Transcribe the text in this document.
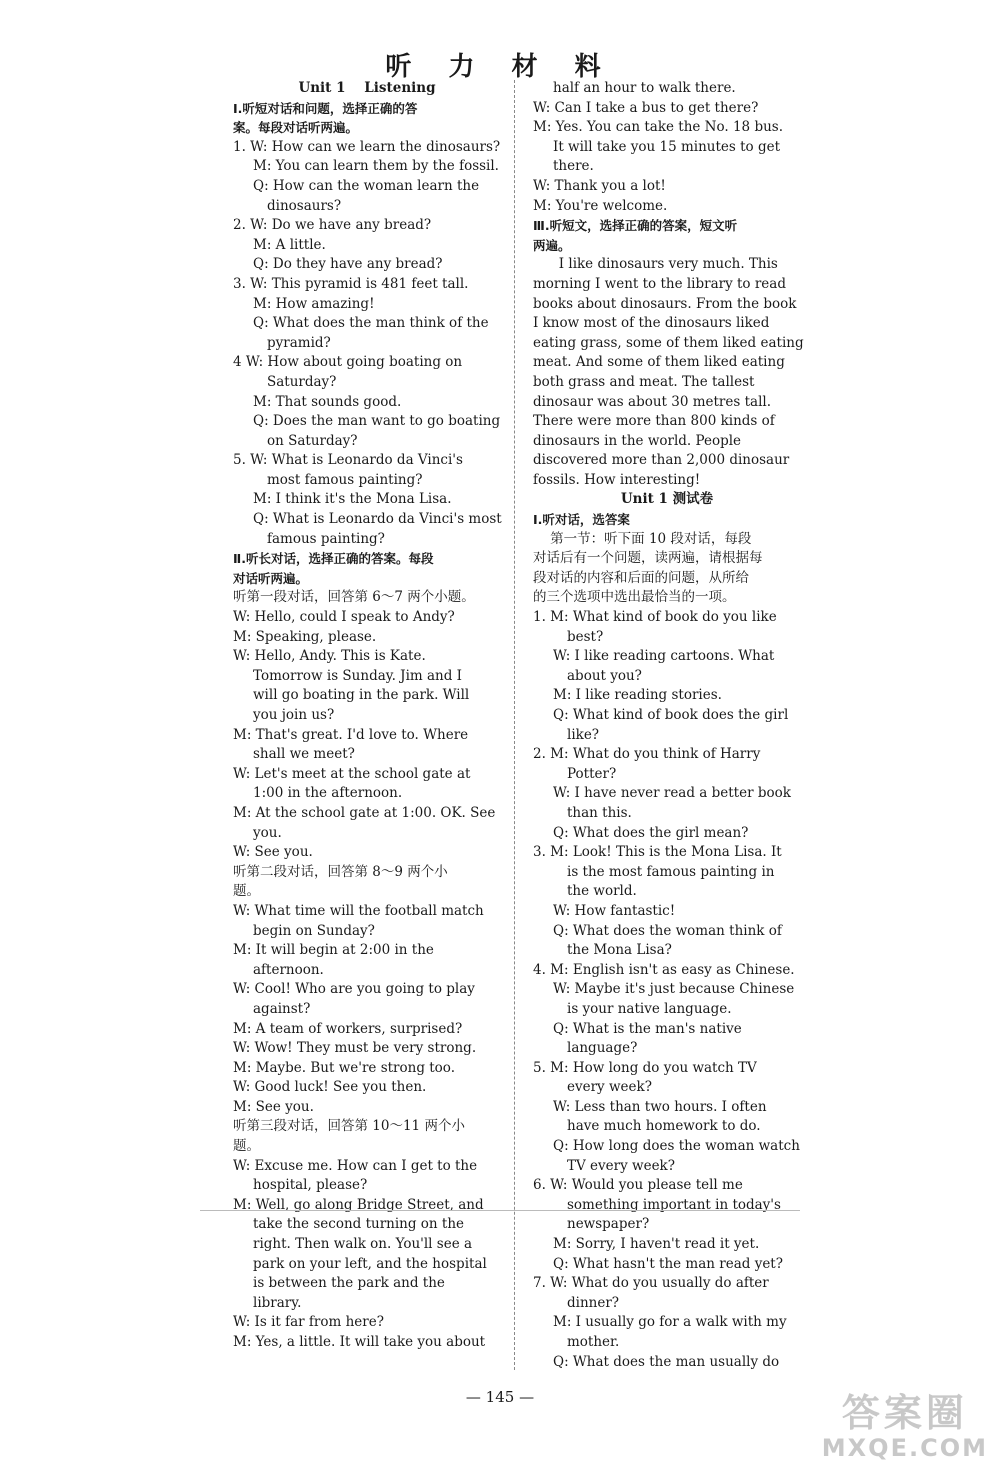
听 力 材 料
Unit 1    Listening
Ⅰ.听短对话和问题，选择正确的答
案。每段对话听两遍。
1. W: How can we learn the dinosaurs?
M: You can learn them by the fossil.
Q: How can the woman learn the
dinosaurs?
2. W: Do we have any bread?
M: A little.
Q: Do they have any bread?
3. W: This pyramid is 481 feet tall.
M: How amazing!
Q: What does the man think of the
pyramid?
4 W: How about going boating on
Saturday?
M: That sounds good.
Q: Does the man want to go boating
on Saturday?
5. W: What is Leonardo da Vinci's
most famous painting?
M: I think it's the Mona Lisa.
Q: What is Leonardo da Vinci's most
famous painting?
Ⅱ.听长对话，选择正确的答案。每段
对话听两遍。
听第一段对话，回答第 6～7 两个小题。
W: Hello, could I speak to Andy?
M: Speaking, please.
W: Hello, Andy. This is Kate.
Tomorrow is Sunday. Jim and I
will go boating in the park. Will
you join us?
M: That's great. I'd love to. Where
shall we meet?
W: Let's meet at the school gate at
1:00 in the afternoon.
M: At the school gate at 1:00. OK. See
you.
W: See you.
听第二段对话，回答第 8～9 两个小
题。
W: What time will the football match
begin on Sunday?
M: It will begin at 2:00 in the
afternoon.
W: Cool! Who are you going to play
against?
M: A team of workers, surprised?
W: Wow! They must be very strong.
M: Maybe. But we're strong too.
W: Good luck! See you then.
M: See you.
听第三段对话，回答第 10～11 两个小
题。
W: Excuse me. How can I get to the
hospital, please?
M: Well, go along Bridge Street, and
take the second turning on the
right. Then walk on. You'll see a
park on your left, and the hospital
is between the park and the
library.
W: Is it far from here?
M: Yes, a little. It will take you about
half an hour to walk there.
W: Can I take a bus to get there?
M: Yes. You can take the No. 18 bus.
It will take you 15 minutes to get
there.
W: Thank you a lot!
M: You're welcome.
Ⅲ.听短文，选择正确的答案，短文听
两遍。
I like dinosaurs very much. This
morning I went to the library to read
books about dinosaurs. From the book
I know most of the dinosaurs liked
eating grass, some of them liked eating
meat. And some of them liked eating
both grass and meat. The tallest
dinosaur was about 30 metres tall.
There were more than 800 kinds of
dinosaurs in the world. People
discovered more than 2,000 dinosaur
fossils. How interesting!
Unit 1 测试卷
Ⅰ.听对话，选答案
第一节：听下面 10 段对话，每段
对话后有一个问题，读两遍，请根据每
段对话的内容和后面的问题，从所给
的三个选项中选出最恰当的一项。
1. M: What kind of book do you like
best?
W: I like reading cartoons. What
about you?
M: I like reading stories.
Q: What kind of book does the girl
like?
2. M: What do you think of Harry
Potter?
W: I have never read a better book
than this.
Q: What does the girl mean?
3. M: Look! This is the Mona Lisa. It
is the most famous painting in
the world.
W: How fantastic!
Q: What does the woman think of
the Mona Lisa?
4. M: English isn't as easy as Chinese.
W: Maybe it's just because Chinese
is your native language.
Q: What is the man's native
language?
5. M: How long do you watch TV
every week?
W: Less than two hours. I often
have much homework to do.
Q: How long does the woman watch
TV every week?
6. W: Would you please tell me
something important in today's
newspaper?
M: Sorry, I haven't read it yet.
Q: What hasn't the man read yet?
7. W: What do you usually do after
dinner?
M: I usually go for a walk with my
mother.
Q: What does the man usually do
— 145 —	答案圈
MXQE.COM
